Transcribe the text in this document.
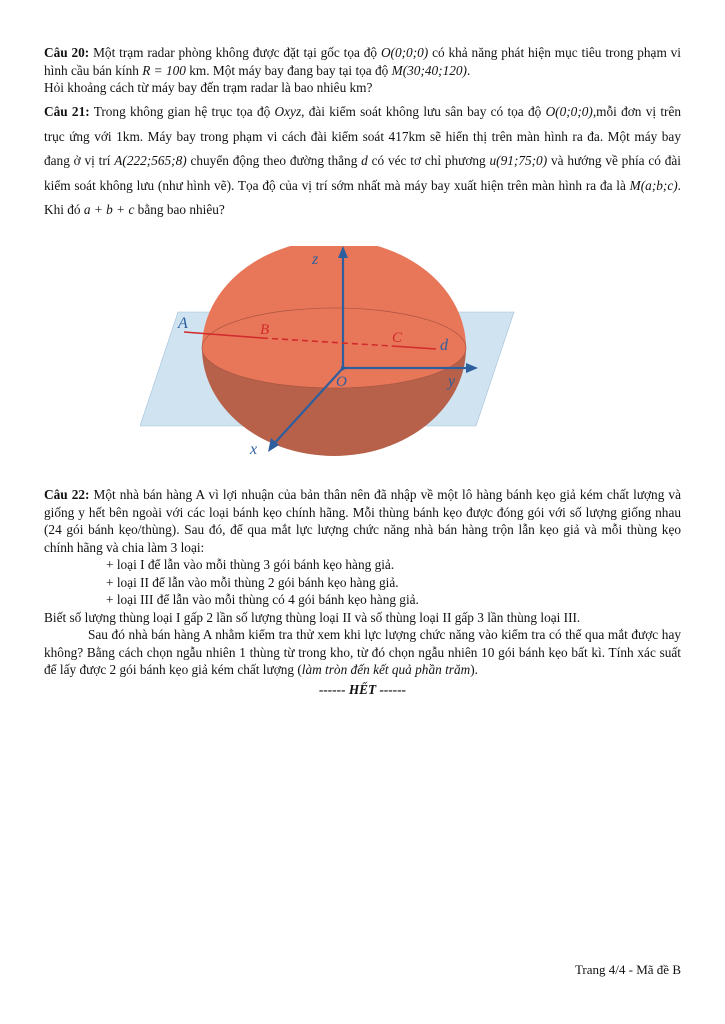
Câu 20: Một trạm radar phòng không được đặt tại gốc tọa độ O(0;0;0) có khả năng phát hiện mục tiêu trong phạm vi hình cầu bán kính R = 100 km. Một máy bay đang bay tại tọa độ M(30;40;120).

Hỏi khoảng cách từ máy bay đến trạm radar là bao nhiêu km?

Câu 21: Trong không gian hệ trục tọa độ Oxyz, đài kiểm soát không lưu sân bay có tọa độ O(0;0;0),mỗi đơn vị trên trục ứng với 1km. Máy bay trong phạm vi cách đài kiểm soát 417km sẽ hiển thị trên màn hình ra đa. Một máy bay đang ở vị trí A(222;565;8) chuyển động theo đường thẳng d có véc tơ chỉ phương u(91;75;0) và hướng về phía có đài kiểm soát không lưu (như hình vẽ). Tọa độ của vị trí sớm nhất mà máy bay xuất hiện trên màn hình ra đa là M(a;b;c). Khi đó a + b + c bằng bao nhiêu?

z
y
x
O
A	B	C d

Câu 22: Một nhà bán hàng A vì lợi nhuận của bản thân nên đã nhập về một lô hàng bánh kẹo giả kém chất lượng và giống y hết bên ngoài với các loại bánh kẹo chính hãng. Mỗi thùng bánh kẹo được đóng gói với số lượng giống nhau (24 gói bánh kẹo/thùng). Sau đó, để qua mắt lực lượng chức năng nhà bán hàng trộn lẫn kẹo giả và mỗi thùng kẹo chính hãng và chia làm 3 loại:

+ loại I để lẫn vào mỗi thùng 3 gói bánh kẹo hàng giả.

+ loại II để lẫn vào mỗi thùng 2 gói bánh kẹo hàng giả.

+ loại III để lẫn vào mỗi thùng có 4 gói bánh kẹo hàng giả.

Biết số lượng thùng loại I gấp 2 lần số lượng thùng loại II và số thùng loại II gấp 3 lần thùng loại III.

Sau đó nhà bán hàng A nhằm kiểm tra thử xem khi lực lượng chức năng vào kiểm tra có thể qua mắt được hay không? Bằng cách chọn ngẫu nhiên 1 thùng từ trong kho, từ đó chọn ngẫu nhiên 10 gói bánh kẹo bất kì. Tính xác suất để lấy được 2 gói bánh kẹo giả kém chất lượng (làm tròn đến kết quả phần trăm).

------ HẾT ------

Trang 4/4 - Mã đề B
